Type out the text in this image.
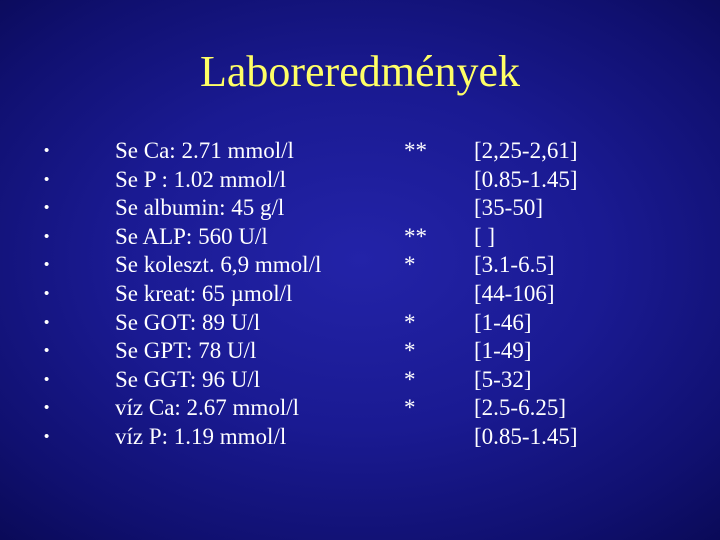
Laboreredmények
•	Se Ca: 2.71 mmol/l	** [2,25-2,61]
•	Se P : 1.02 mmol/l	[0.85-1.45]
•	Se albumin: 45 g/l	[35-50]
•	Se ALP: 560 U/l	** [ ]
•	Se koleszt. 6,9 mmol/l	*	[3.1-6.5]
•	Se kreat: 65 µmol/l	[44-106]
•	Se GOT: 89 U/l	*	[1-46]
•	Se GPT: 78 U/l	*	[1-49]
•	Se GGT: 96 U/l	*	[5-32]
•	víz Ca: 2.67 mmol/l	*	[2.5-6.25]
•	víz P: 1.19 mmol/l	[0.85-1.45]
